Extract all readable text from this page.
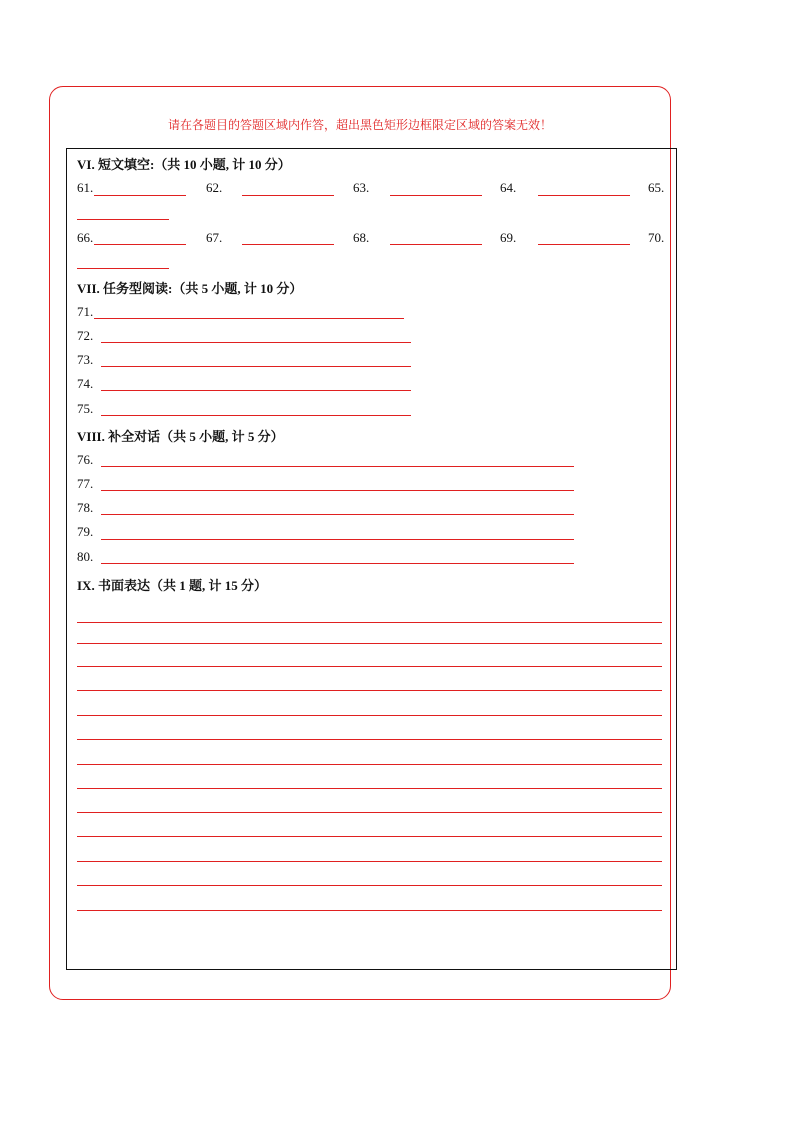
请在各题目的答题区域内作答，超出黑色矩形边框限定区域的答案无效！
VI. 短文填空:（共 10 小题, 计 10 分）
61.	62.	63.	64.	65.
66.	67.	68.	69.	70.
VII. 任务型阅读:（共 5 小题, 计 10 分）
71.
72.
73.
74.
75.
VIII. 补全对话（共 5 小题, 计 5 分）
76.
77.
78.
79.
80.
IX. 书面表达（共 1 题, 计 15 分）
